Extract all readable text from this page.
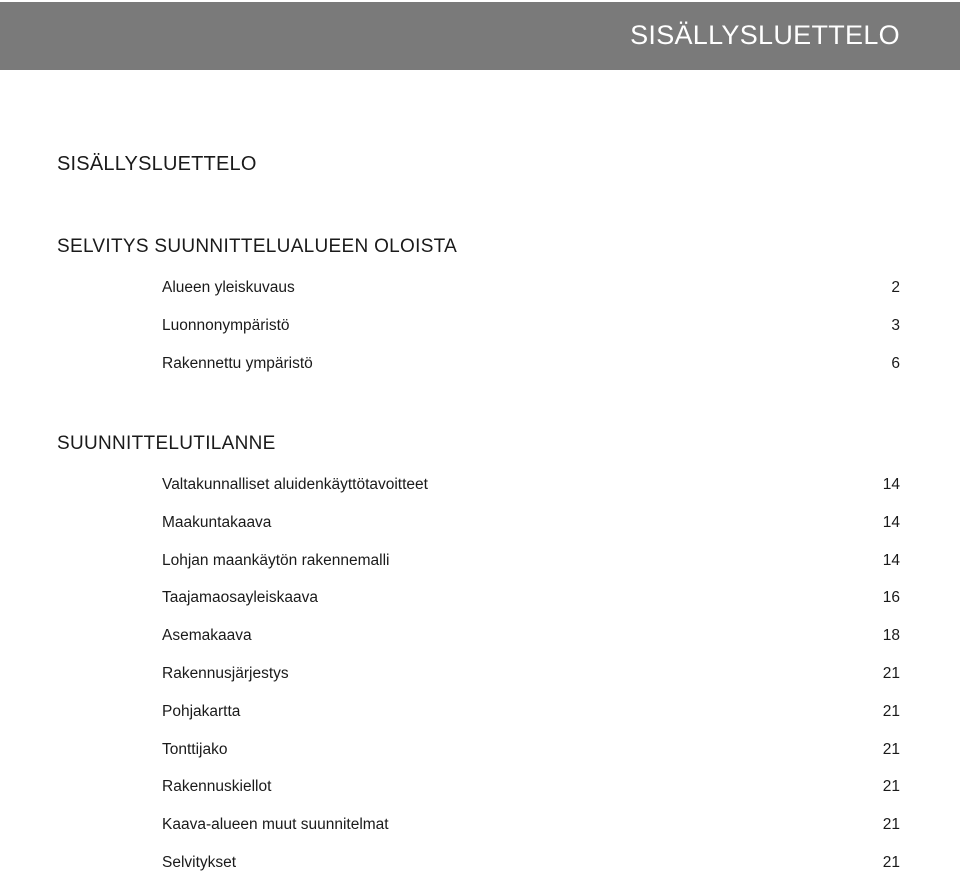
SISÄLLYSLUETTELO
SISÄLLYSLUETTELO
SELVITYS SUUNNITTELUALUEEN OLOISTA
Alueen yleiskuvaus	2
Luonnonympäristö	3
Rakennettu ympäristö	6
SUUNNITTELUTILANNE
Valtakunnalliset aluidenkäyttötavoitteet	14
Maakuntakaava	14
Lohjan maankäytön rakennemalli	14
Taajamaosayleiskaava	16
Asemakaava	18
Rakennusjärjestys	21
Pohjakartta	21
Tonttijako	21
Rakennuskiellot	21
Kaava-alueen muut suunnitelmat	21
Selvitykset	21
